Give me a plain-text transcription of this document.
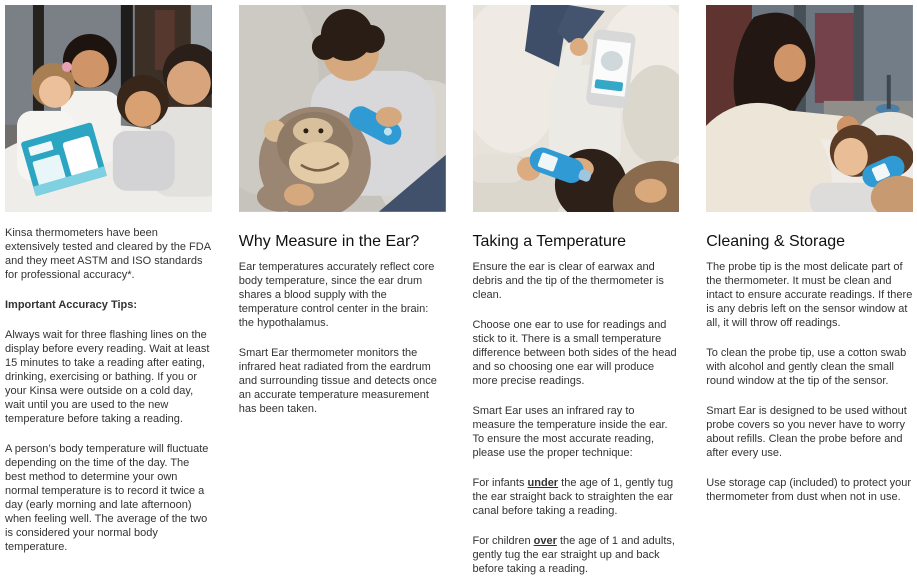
Kinsa thermometers have been extensively tested and cleared by the FDA and they meet ASTM and ISO standards for professional accuracy*.

Important Accuracy Tips:

Always wait for three flashing lines on the display before every reading. Wait at least 15 minutes to take a reading after eating, drinking, exercising or bathing. If you or your Kinsa were outside on a cold day, wait until you are used to the new temperature before taking a reading.

A person’s body temperature will fluctuate depending on the time of the day. The best method to determine your own normal temperature is to record it twice a day (early morning and late afternoon) when feeling well. The average of the two is considered your normal body temperature.

Why Measure in the Ear?

Ear temperatures accurately reflect core body temperature, since the ear drum shares a blood supply with the temperature control center in the brain: the hypothalamus.

Smart Ear thermometer monitors the infrared heat radiated from the eardrum and surrounding tissue and detects once an accurate temperature measurement has been taken.

Taking a Temperature

Ensure the ear is clear of earwax and debris and the tip of the thermometer is clean.

Choose one ear to use for readings and stick to it. There is a small temperature difference between both sides of the head and so choosing one ear will produce more precise readings.

Smart Ear uses an infrared ray to measure the temperature inside the ear. To ensure the most accurate reading, please use the proper technique:

For infants under the age of 1, gently tug the ear straight back to straighten the ear canal before taking a reading.

For children over the age of 1 and adults, gently tug the ear straight up and back before taking a reading.

Cleaning & Storage

The probe tip is the most delicate part of the thermometer. It must be clean and intact to ensure accurate readings. If there is any debris left on the sensor window at all, it will throw off readings.

To clean the probe tip, use a cotton swab with alcohol and gently clean the small round window at the tip of the sensor.

Smart Ear is designed to be used without probe covers so you never have to worry about refills. Clean the probe before and after every use.

Use storage cap (included) to protect your thermometer from dust when not in use.
